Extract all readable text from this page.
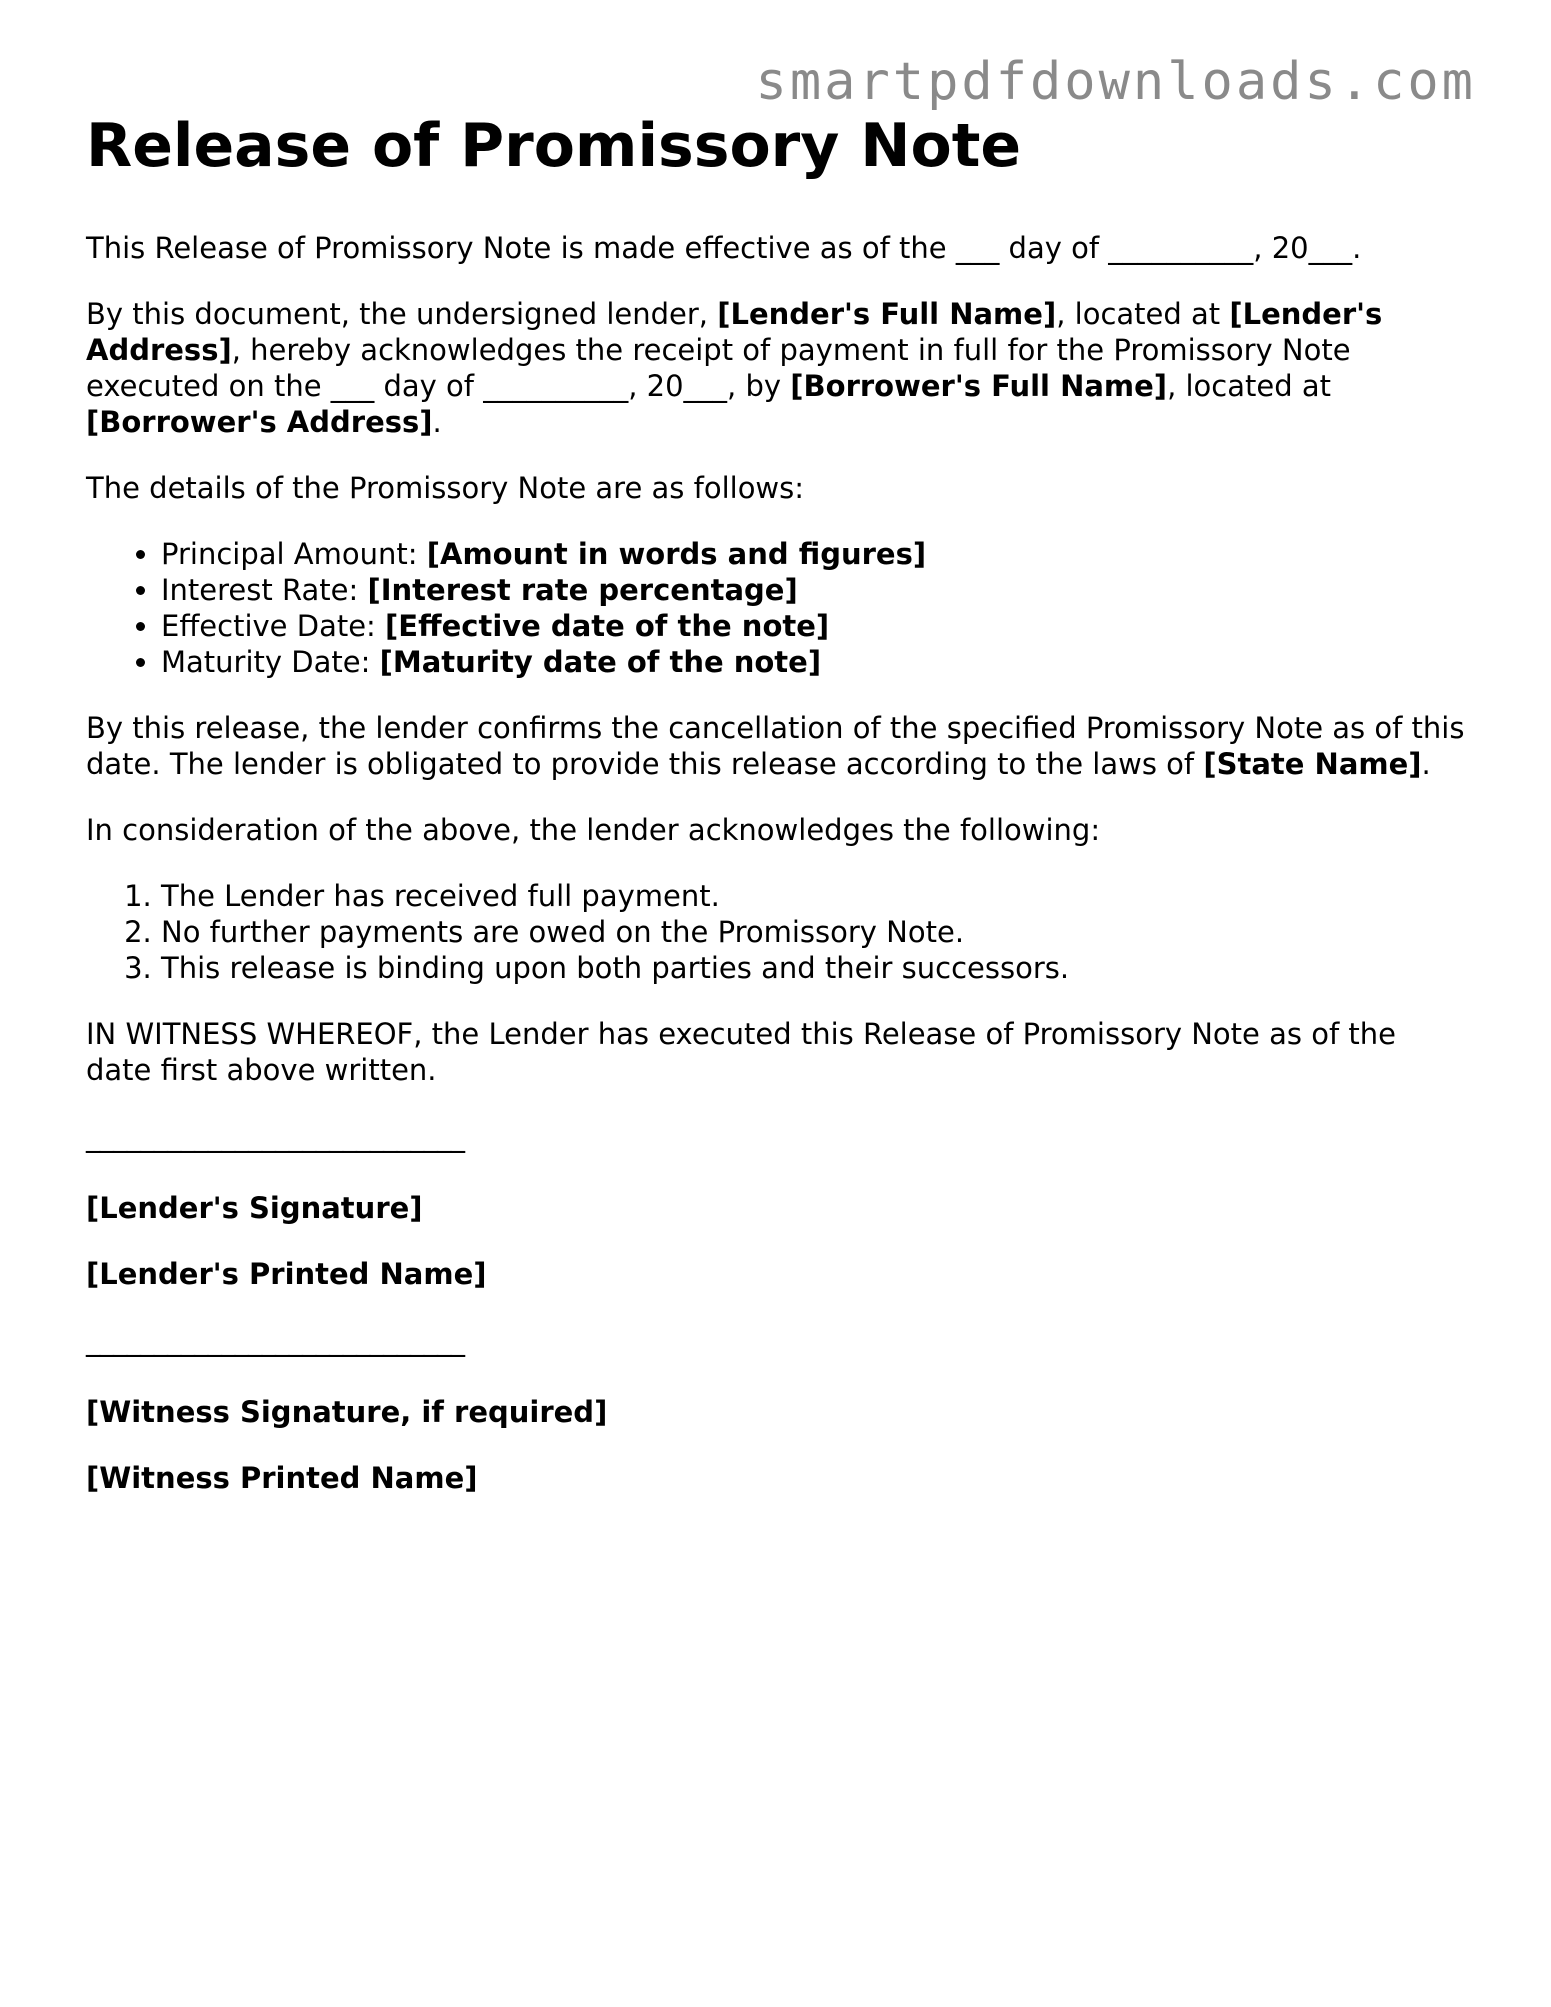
smartpdfdownloads.com
Release of Promissory Note

This Release of Promissory Note is made effective as of the ___ day of __________, 20___.

By this document, the undersigned lender, [Lender's Full Name], located at [Lender's Address], hereby acknowledges the receipt of payment in full for the Promissory Note executed on the ___ day of __________, 20___, by [Borrower's Full Name], located at [Borrower's Address].

The details of the Promissory Note are as follows:

• Principal Amount: [Amount in words and figures]
• Interest Rate: [Interest rate percentage]
• Effective Date: [Effective date of the note]
• Maturity Date: [Maturity date of the note]

By this release, the lender confirms the cancellation of the specified Promissory Note as of this date. The lender is obligated to provide this release according to the laws of [State Name].

In consideration of the above, the lender acknowledges the following:

1. The Lender has received full payment.
2. No further payments are owed on the Promissory Note.
3. This release is binding upon both parties and their successors.

IN WITNESS WHEREOF, the Lender has executed this Release of Promissory Note as of the date first above written.

____________________________
[Lender's Signature]
[Lender's Printed Name]
____________________________
[Witness Signature, if required]
[Witness Printed Name]
